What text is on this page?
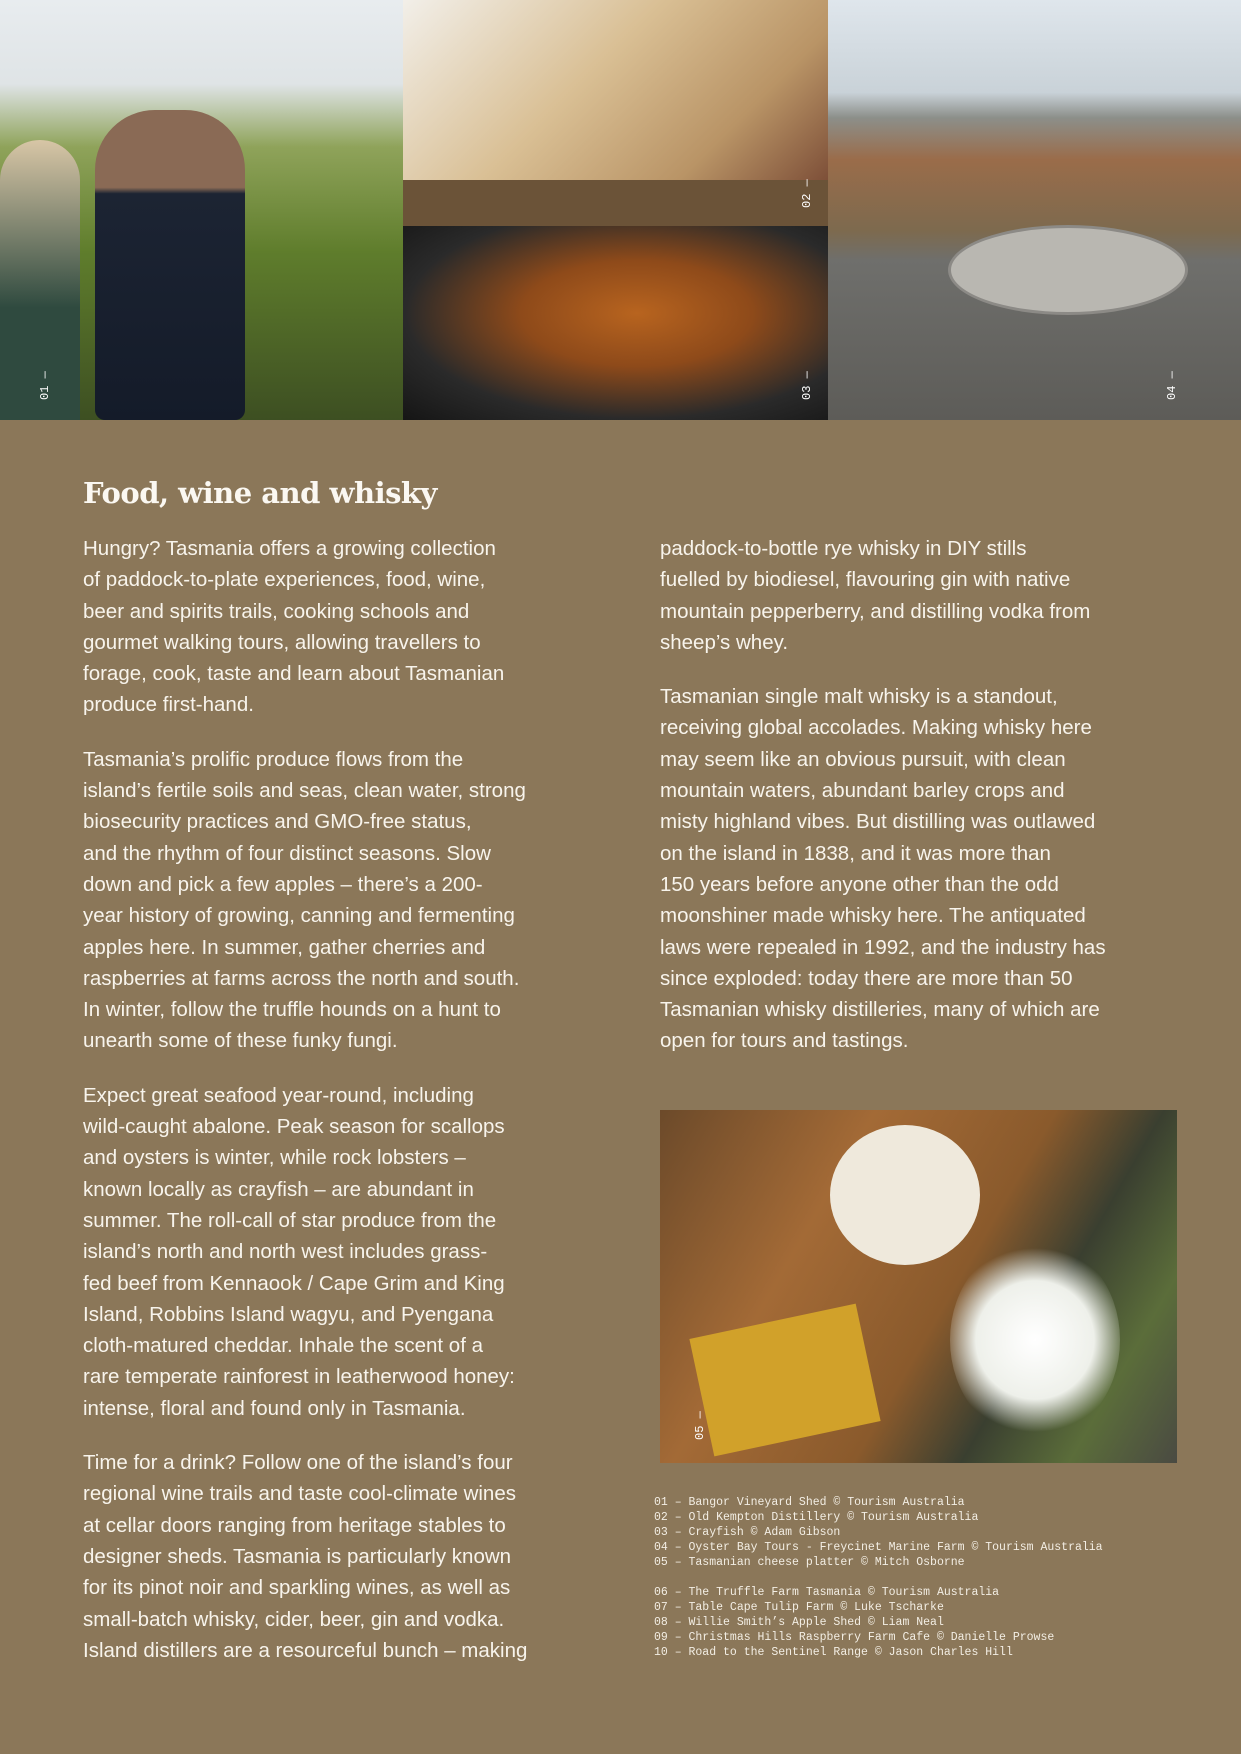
01 —
02 —
03 —	04 —
05 —
Food, wine and whisky
Hungry? Tasmania offers a growing collection
of paddock-to-plate experiences, food, wine,
beer and spirits trails, cooking schools and
gourmet walking tours, allowing travellers to
forage, cook, taste and learn about Tasmanian
produce first-hand.
Tasmania’s prolific produce flows from the
island’s fertile soils and seas, clean water, strong
biosecurity practices and GMO-free status,
and the rhythm of four distinct seasons. Slow
down and pick a few apples – there’s a 200-
year history of growing, canning and fermenting
apples here. In summer, gather cherries and
raspberries at farms across the north and south.
In winter, follow the truffle hounds on a hunt to
unearth some of these funky fungi.
Expect great seafood year-round, including
wild-caught abalone. Peak season for scallops
and oysters is winter, while rock lobsters –
known locally as crayfish – are abundant in
summer. The roll-call of star produce from the
island’s north and north west includes grass-
fed beef from Kennaook / Cape Grim and King
Island, Robbins Island wagyu, and Pyengana
cloth-matured cheddar. Inhale the scent of a
rare temperate rainforest in leatherwood honey:
intense, floral and found only in Tasmania.
Time for a drink? Follow one of the island’s four
regional wine trails and taste cool-climate wines
at cellar doors ranging from heritage stables to
designer sheds. Tasmania is particularly known
for its pinot noir and sparkling wines, as well as
small-batch whisky, cider, beer, gin and vodka.
Island distillers are a resourceful bunch – making
paddock-to-bottle rye whisky in DIY stills
fuelled by biodiesel, flavouring gin with native
mountain pepperberry, and distilling vodka from
sheep’s whey.
Tasmanian single malt whisky is a standout,
receiving global accolades. Making whisky here
may seem like an obvious pursuit, with clean
mountain waters, abundant barley crops and
misty highland vibes. But distilling was outlawed
on the island in 1838, and it was more than
150 years before anyone other than the odd
moonshiner made whisky here. The antiquated
laws were repealed in 1992, and the industry has
since exploded: today there are more than 50
Tasmanian whisky distilleries, many of which are
open for tours and tastings.
01 – Bangor Vineyard Shed © Tourism Australia
02 – Old Kempton Distillery © Tourism Australia
03 – Crayfish © Adam Gibson
04 – Oyster Bay Tours - Freycinet Marine Farm © Tourism Australia
05 – Tasmanian cheese platter © Mitch Osborne
06 – The Truffle Farm Tasmania © Tourism Australia
07 – Table Cape Tulip Farm © Luke Tscharke
08 – Willie Smith’s Apple Shed © Liam Neal
09 – Christmas Hills Raspberry Farm Cafe © Danielle Prowse
10 – Road to the Sentinel Range © Jason Charles Hill
